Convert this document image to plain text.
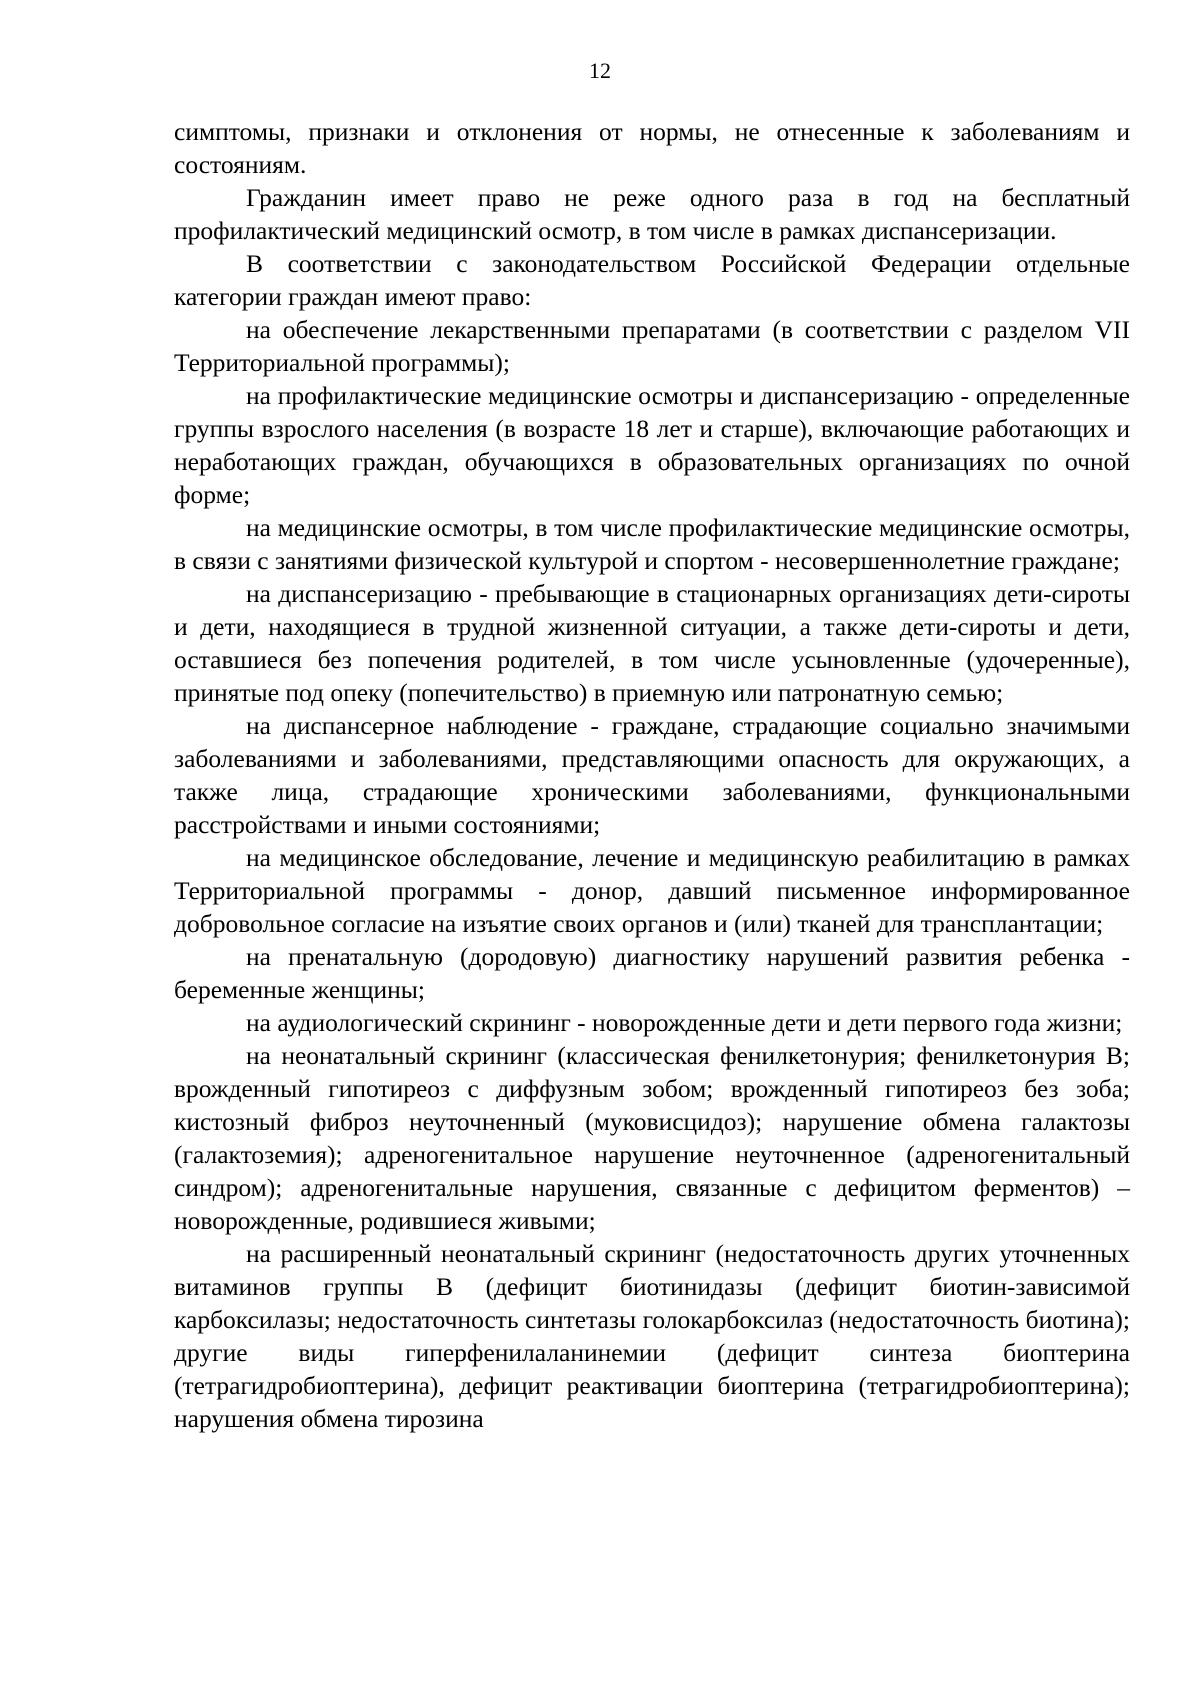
12

симптомы, признаки и отклонения от нормы, не отнесенные к заболеваниям и состояниям.

Гражданин имеет право не реже одного раза в год на бесплатный профилактический медицинский осмотр, в том числе в рамках диспансеризации.

В соответствии с законодательством Российской Федерации отдельные категории граждан имеют право:

на обеспечение лекарственными препаратами (в соответствии с разделом VII Территориальной программы);

на профилактические медицинские осмотры и диспансеризацию - определенные группы взрослого населения (в возрасте 18 лет и старше), включающие работающих и неработающих граждан, обучающихся в образовательных организациях по очной форме;

на медицинские осмотры, в том числе профилактические медицинские осмотры, в связи с занятиями физической культурой и спортом - несовершеннолетние граждане;

на диспансеризацию - пребывающие в стационарных организациях дети-сироты и дети, находящиеся в трудной жизненной ситуации, а также дети-сироты и дети, оставшиеся без попечения родителей, в том числе усыновленные (удочеренные), принятые под опеку (попечительство) в приемную или патронатную семью;

на диспансерное наблюдение - граждане, страдающие социально значимыми заболеваниями и заболеваниями, представляющими опасность для окружающих, а также лица, страдающие хроническими заболеваниями, функциональными расстройствами и иными состояниями;

на медицинское обследование, лечение и медицинскую реабилитацию в рамках Территориальной программы - донор, давший письменное информированное добровольное согласие на изъятие своих органов и (или) тканей для трансплантации;

на пренатальную (дородовую) диагностику нарушений развития ребенка - беременные женщины;

на аудиологический скрининг - новорожденные дети и дети первого года жизни;

на неонатальный скрининг (классическая фенилкетонурия; фенилкетонурия B; врожденный гипотиреоз с диффузным зобом; врожденный гипотиреоз без зоба; кистозный фиброз неуточненный (муковисцидоз); нарушение обмена галактозы (галактоземия); адреногенитальное нарушение неуточненное (адреногенитальный синдром); адреногенитальные нарушения, связанные с дефицитом ферментов) – новорожденные, родившиеся живыми;

на расширенный неонатальный скрининг (недостаточность других уточненных витаминов группы В (дефицит биотинидазы (дефицит биотин-зависимой карбоксилазы; недостаточность синтетазы голокарбоксилаз (недостаточность биотина); другие виды гиперфенилаланинемии (дефицит синтеза биоптерина (тетрагидробиоптерина), дефицит реактивации биоптерина (тетрагидробиоптерина); нарушения обмена тирозина
